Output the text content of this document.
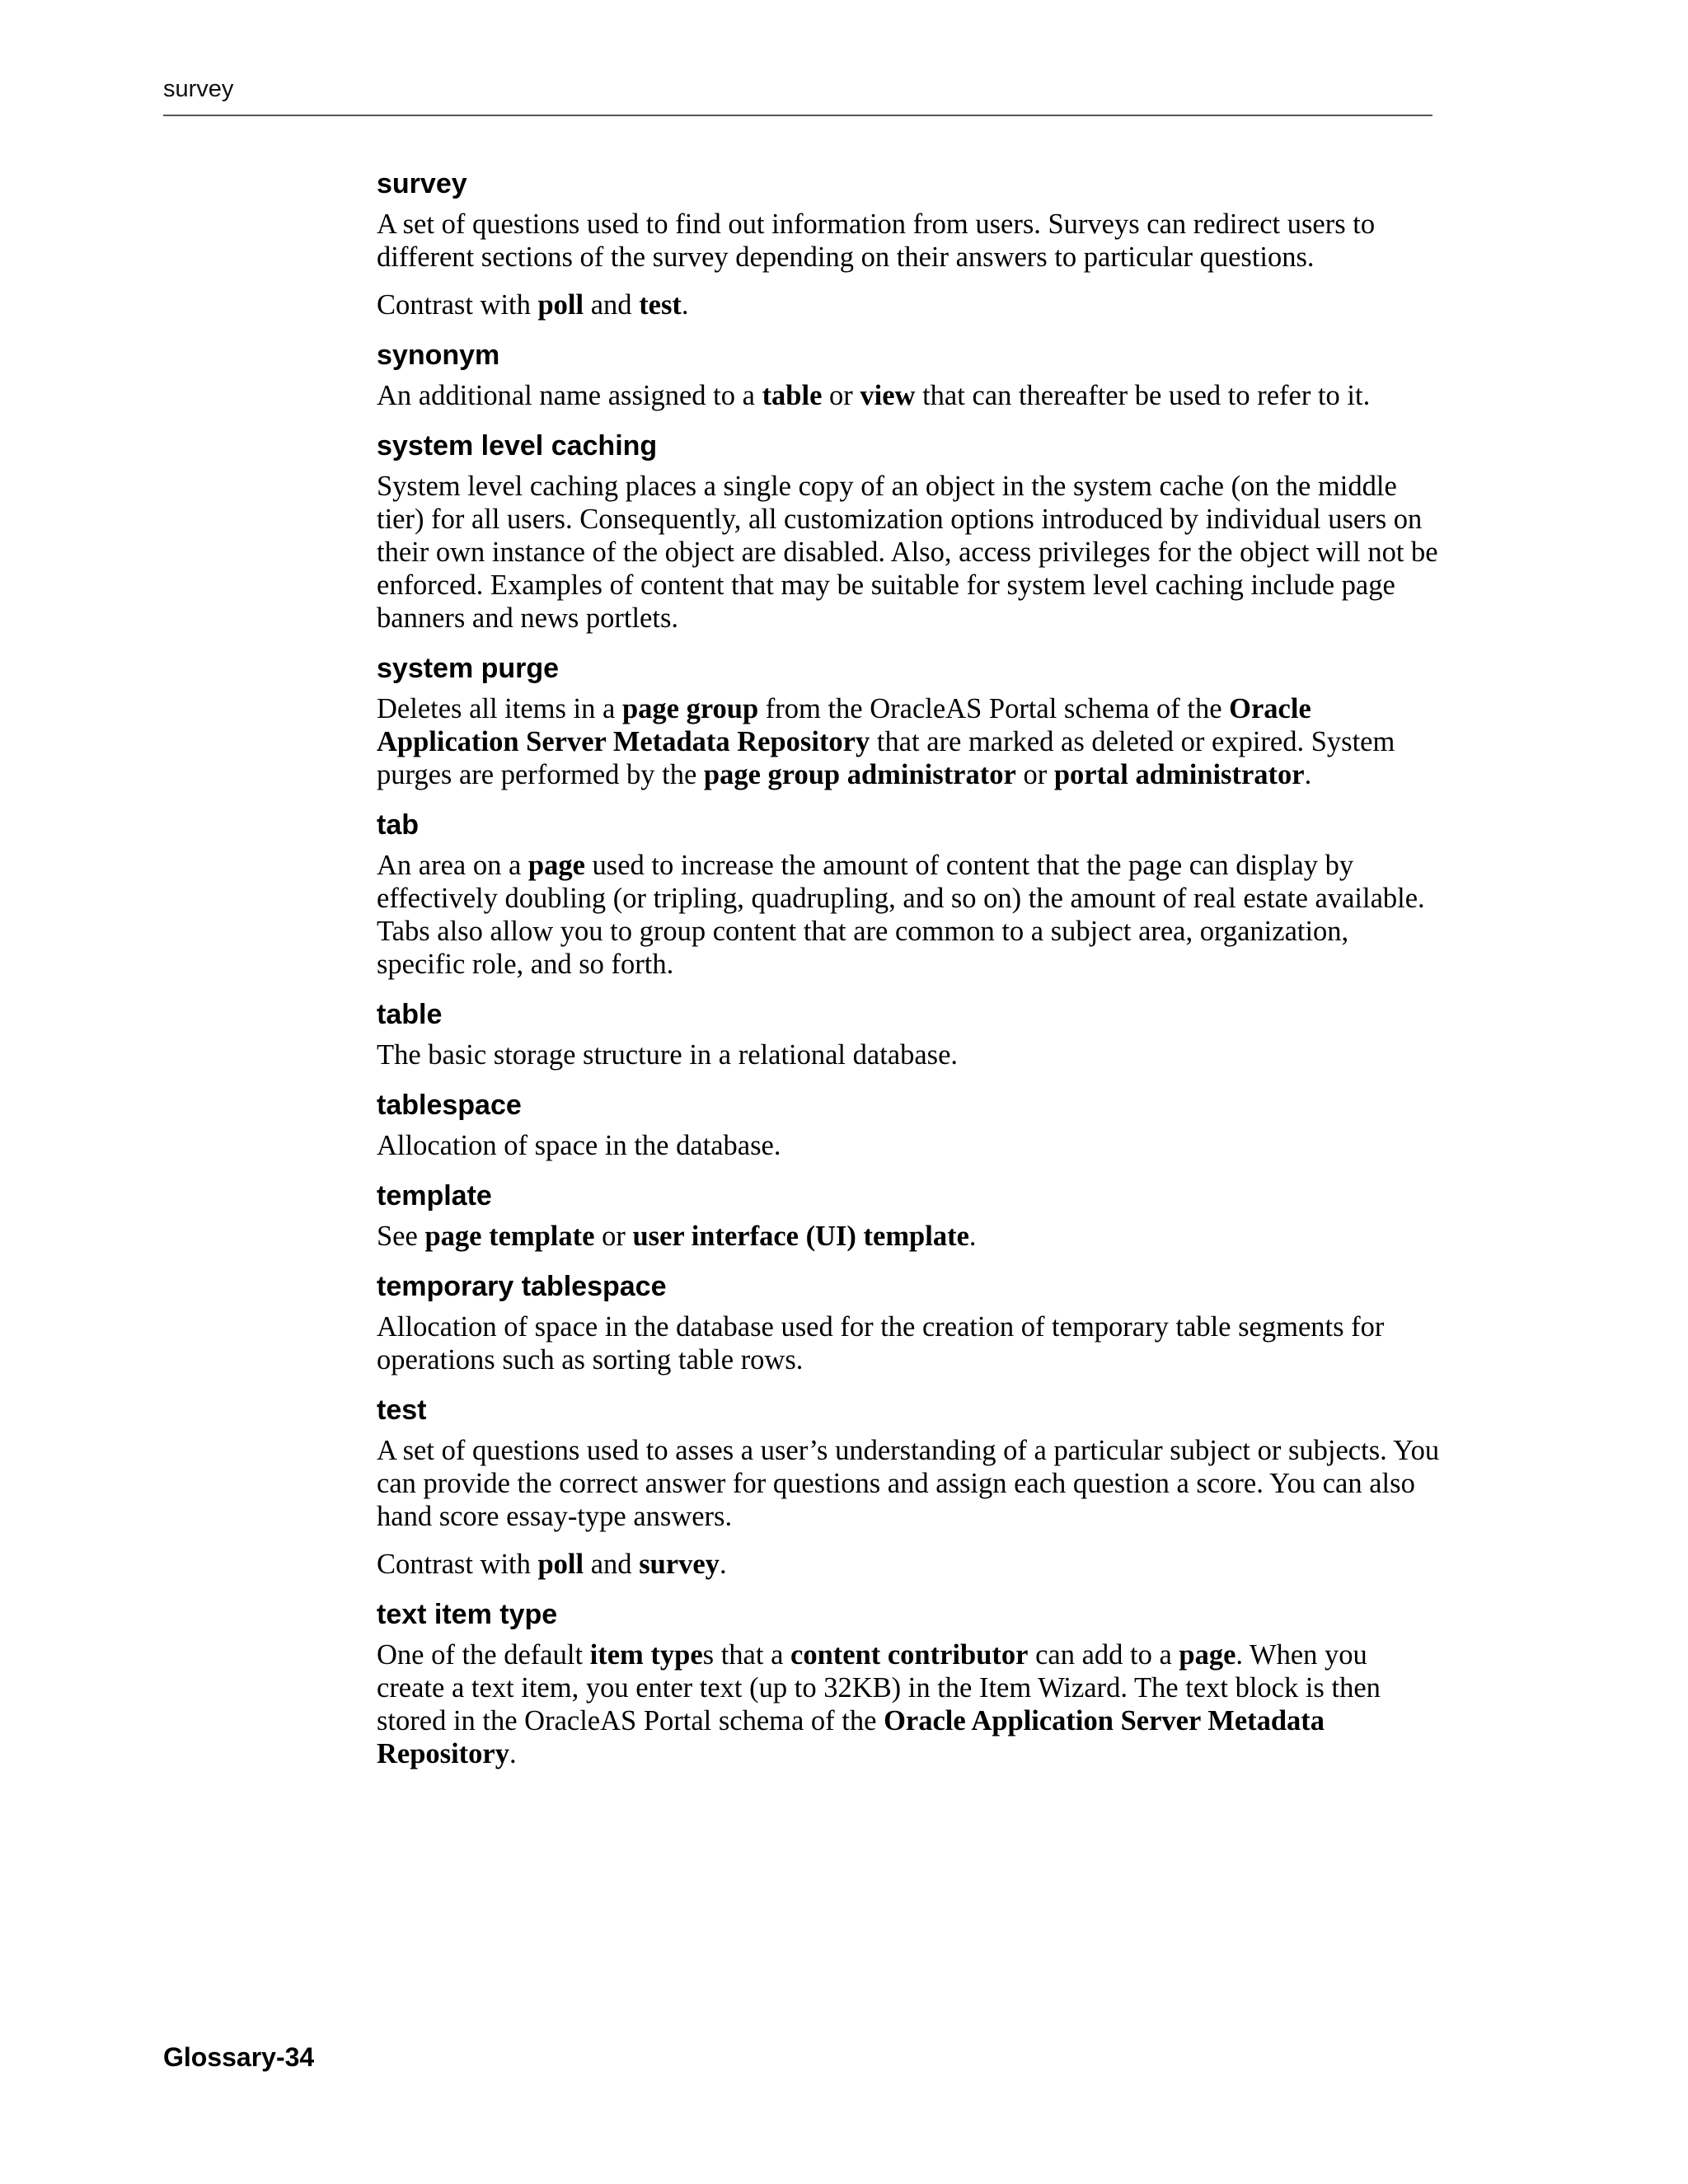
survey
survey
A set of questions used to find out information from users. Surveys can redirect users to different sections of the survey depending on their answers to particular questions.
Contrast with poll and test.
synonym
An additional name assigned to a table or view that can thereafter be used to refer to it.
system level caching
System level caching places a single copy of an object in the system cache (on the middle tier) for all users. Consequently, all customization options introduced by individual users on their own instance of the object are disabled. Also, access privileges for the object will not be enforced. Examples of content that may be suitable for system level caching include page banners and news portlets.
system purge
Deletes all items in a page group from the OracleAS Portal schema of the Oracle Application Server Metadata Repository that are marked as deleted or expired. System purges are performed by the page group administrator or portal administrator.
tab
An area on a page used to increase the amount of content that the page can display by effectively doubling (or tripling, quadrupling, and so on) the amount of real estate available. Tabs also allow you to group content that are common to a subject area, organization, specific role, and so forth.
table
The basic storage structure in a relational database.
tablespace
Allocation of space in the database.
template
See page template or user interface (UI) template.
temporary tablespace
Allocation of space in the database used for the creation of temporary table segments for operations such as sorting table rows.
test
A set of questions used to asses a user’s understanding of a particular subject or subjects. You can provide the correct answer for questions and assign each question a score. You can also hand score essay-type answers.
Contrast with poll and survey.
text item type
One of the default item types that a content contributor can add to a page. When you create a text item, you enter text (up to 32KB) in the Item Wizard. The text block is then stored in the OracleAS Portal schema of the Oracle Application Server Metadata Repository.
Glossary-34
